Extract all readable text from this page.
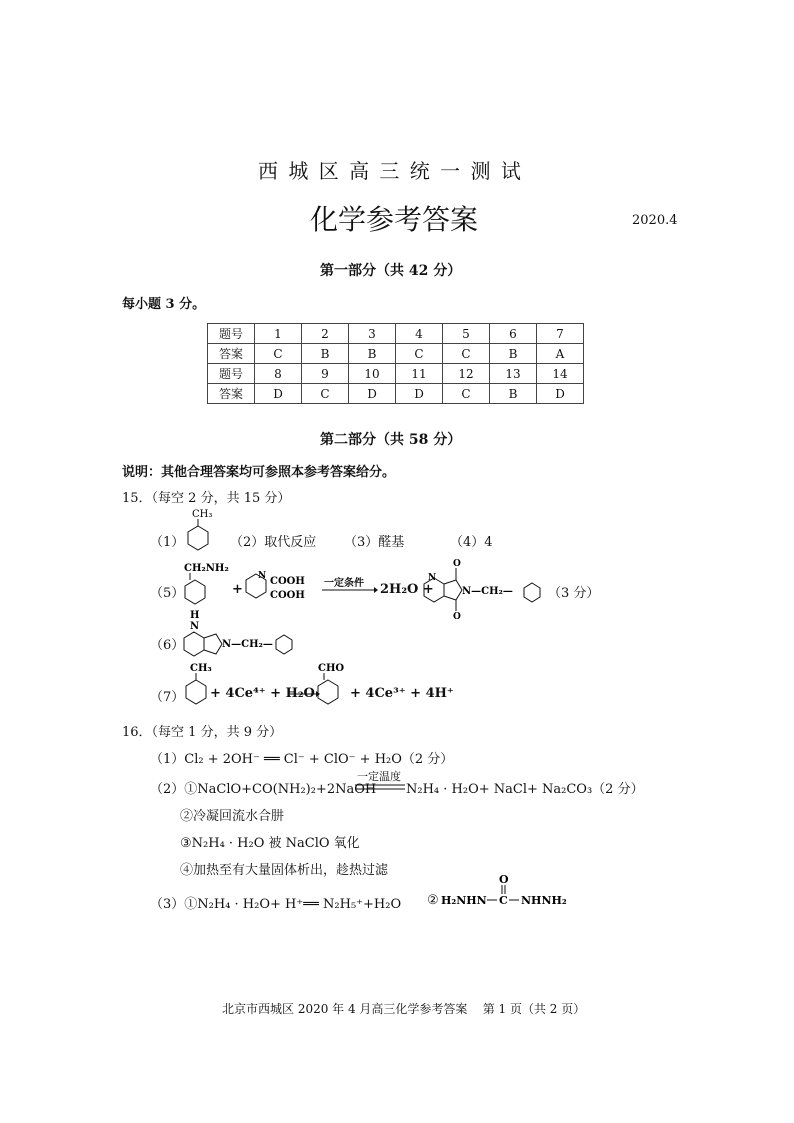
西 城 区 高 三 统 一 测 试
化学参考答案	2020.4
第一部分（共 42 分）
每小题 3 分。
题号	1	2	3	4	5	6	7
答案	C	B	B	C	C	B	A
题号	8	9	10	11	12	13	14
答案	D	C	D	D	C	B	D
第二部分（共 58 分）
说明：其他合理答案均可参照本参考答案给分。
15．（每空 2 分，共 15 分）
（1）
CH₃
（2）取代反应 （3）醛基	（4）4
（5）
CH₂NH₂
+
N COOH
COOH
一定条件 → 2H₂O +
N
O
O
N—CH₂—	（3 分）
（6）
H
N
N—CH₂—
（7）
CH₃
+ 4Ce⁴⁺ + H₂O
CHO
+ 4Ce³⁺ + 4H⁺
16．（每空 1 分，共 9 分）
（1）Cl₂ + 2OH⁻ ══ Cl⁻ + ClO⁻ + H₂O（2 分）
（2）①NaClO+CO(NH₂)₂+2NaOH
一定温度
N₂H₄ · H₂O+ NaCl+ Na₂CO₃（2 分）
②冷凝回流水合肼
③N₂H₄ · H₂O 被 NaClO 氧化
④加热至有大量固体析出，趁热过滤
（3）①N₂H₄ · H₂O+ H⁺══ N₂H₅⁺+H₂O ② H₂NHN C
O
NHNH₂
北京市西城区 2020 年 4 月高三化学参考答案    第 1 页（共 2 页）
